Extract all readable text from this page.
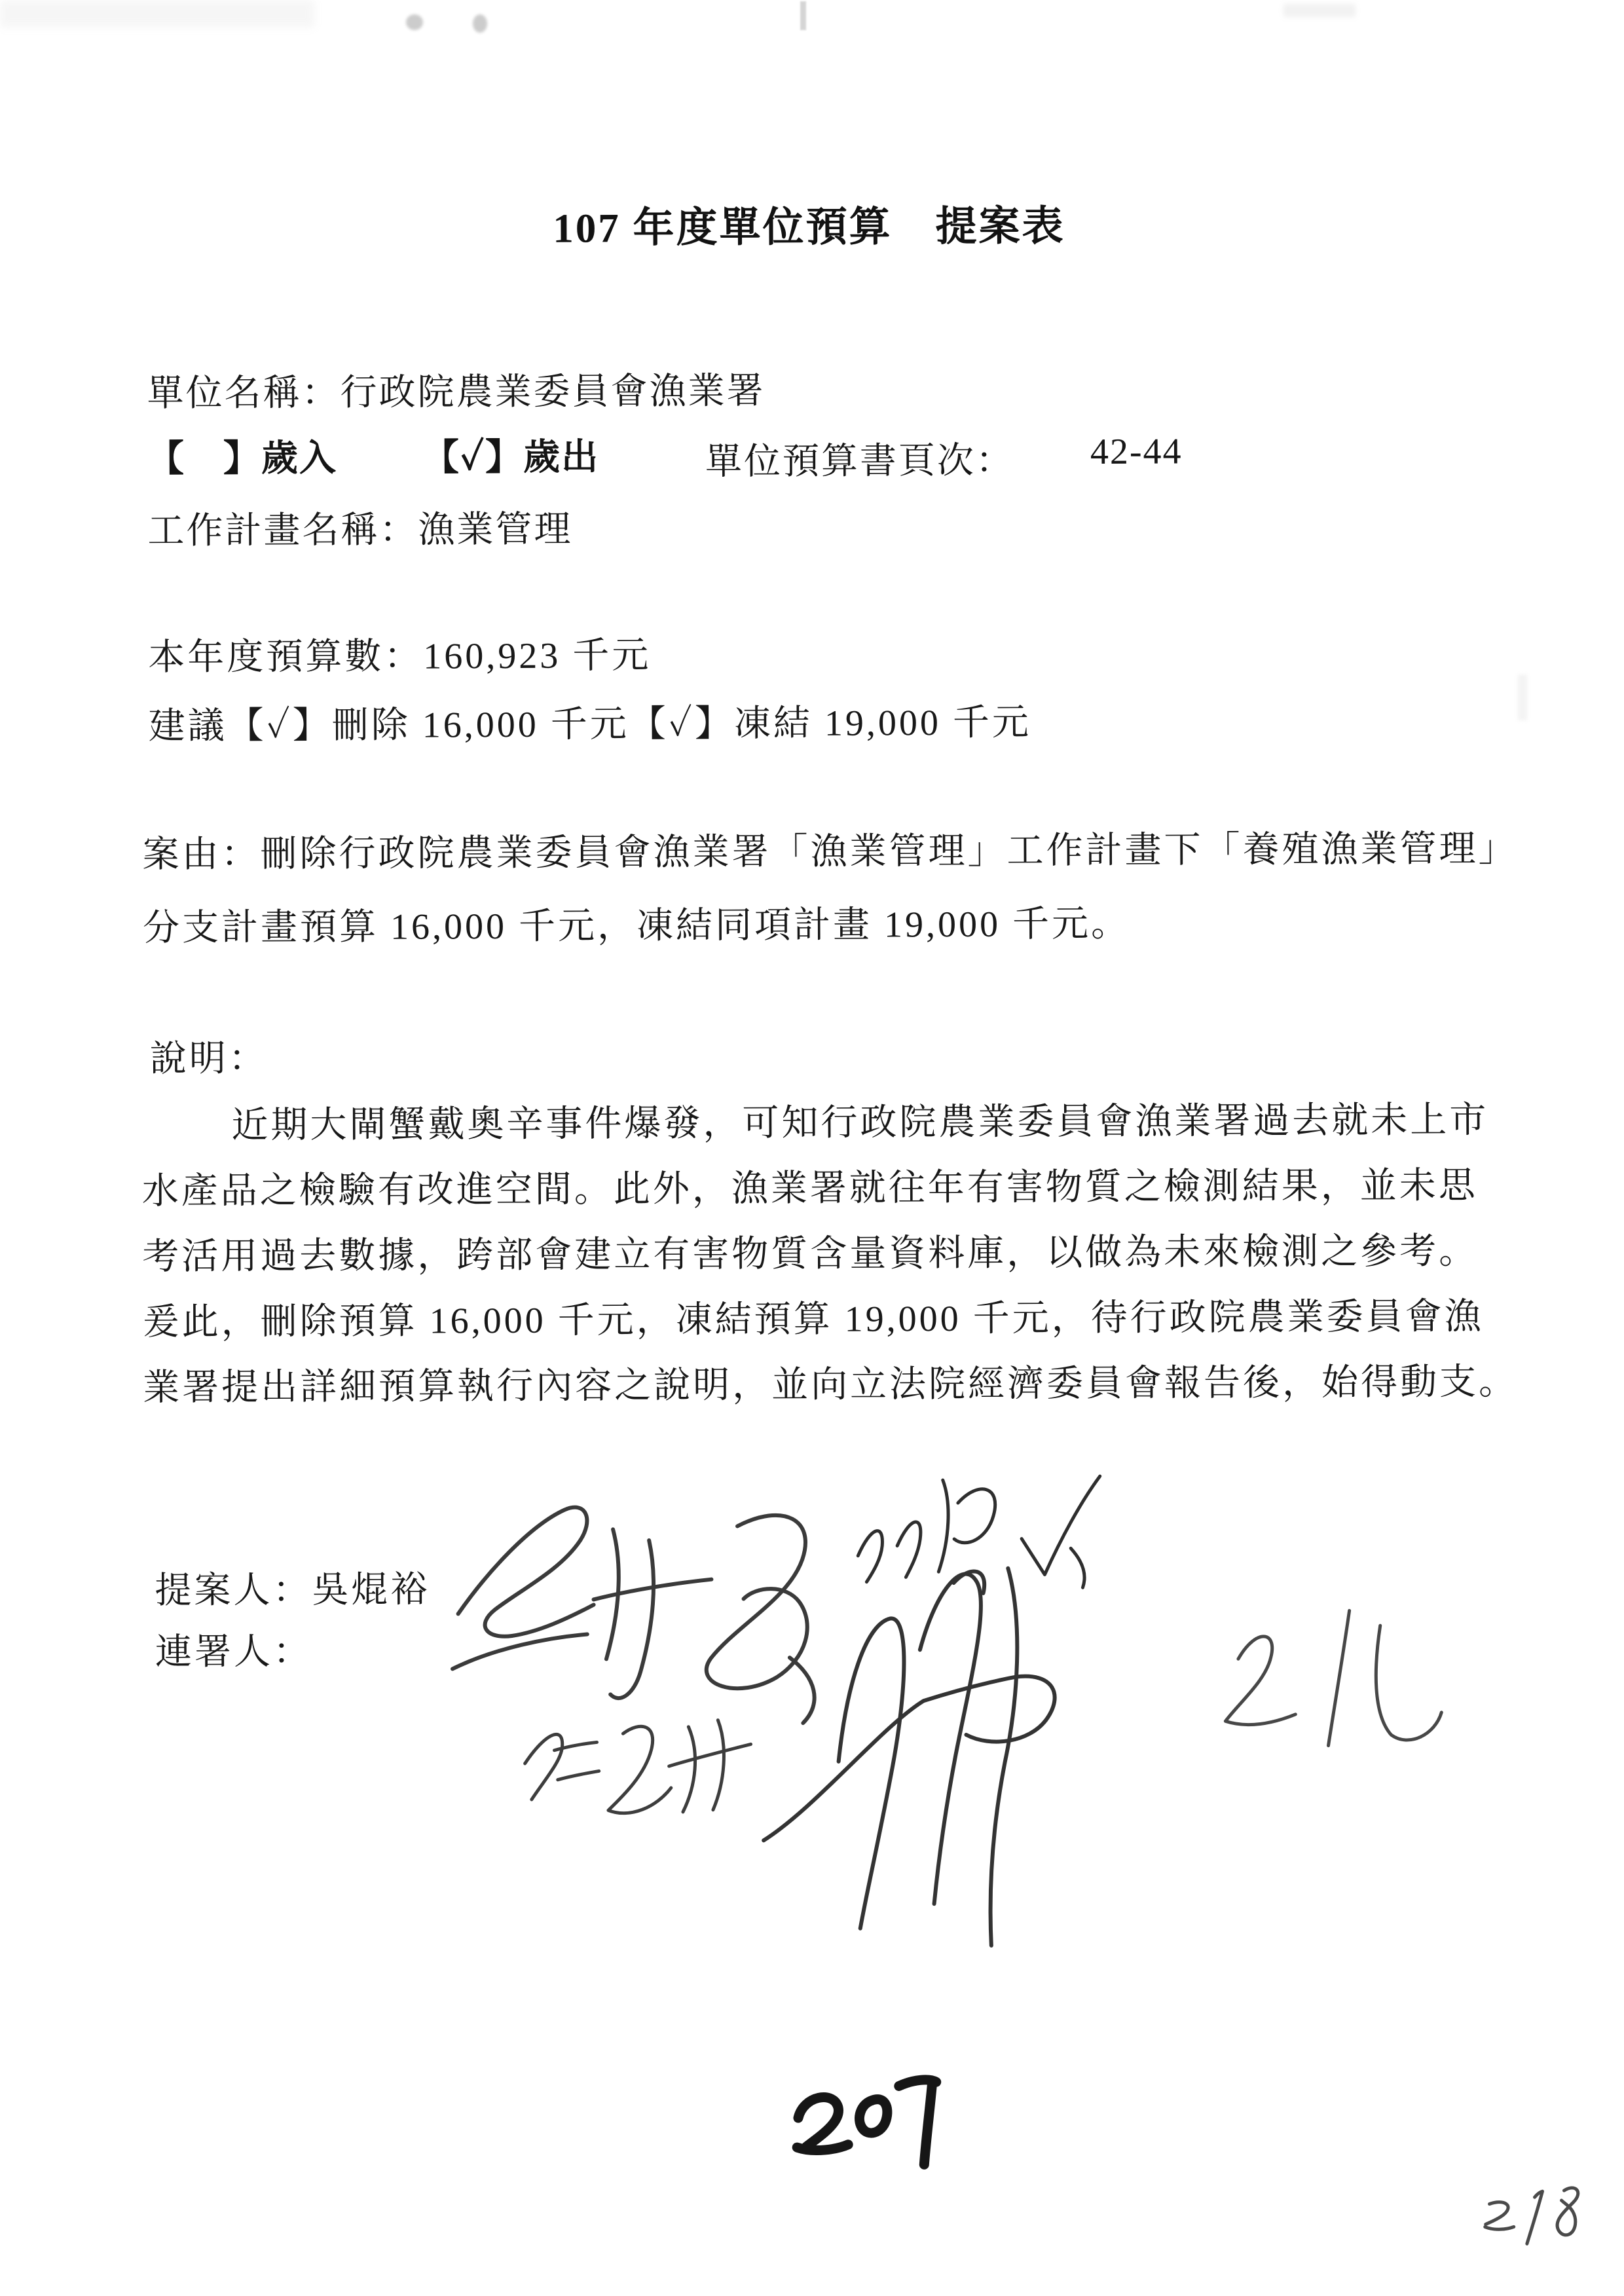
107 年度單位預算　提案表
單位名稱：行政院農業委員會漁業署
【　】歲入 【✓】歲出	單位預算書頁次： 42-44
工作計畫名稱：漁業管理
本年度預算數：160,923 千元
建議【✓】刪除 16,000 千元【✓】凍結 19,000 千元
案由：刪除行政院農業委員會漁業署「漁業管理」工作計畫下「養殖漁業管理」
分支計畫預算 16,000 千元，凍結同項計畫 19,000 千元。
說明：
近期大閘蟹戴奧辛事件爆發，可知行政院農業委員會漁業署過去就未上市
水產品之檢驗有改進空間。此外，漁業署就往年有害物質之檢測結果，並未思
考活用過去數據，跨部會建立有害物質含量資料庫，以做為未來檢測之參考。
爰此，刪除預算 16,000 千元，凍結預算 19,000 千元，待行政院農業委員會漁
業署提出詳細預算執行內容之說明，並向立法院經濟委員會報告後，始得動支。
提案人：吳焜裕
連署人：
